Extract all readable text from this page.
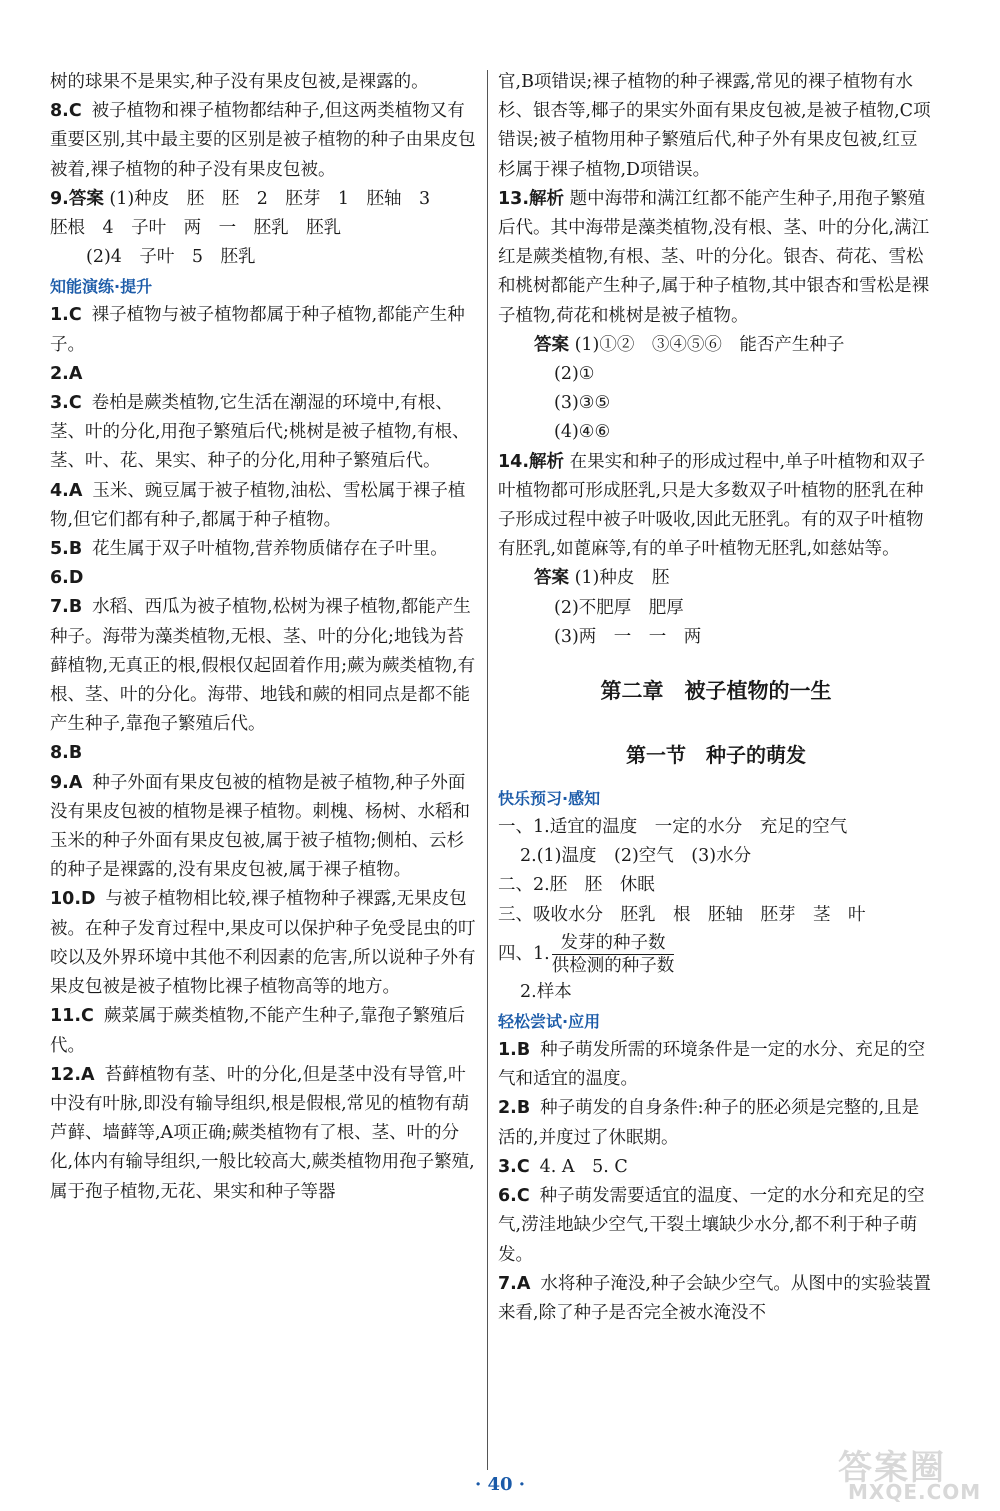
树的球果不是果实,种子没有果皮包被,是裸露的。

8.C 被子植物和裸子植物都结种子,但这两类植物又有重要区别,其中最主要的区别是被子植物的种子由果皮包被着,裸子植物的种子没有果皮包被。

9.答案 (1)种皮　胚　胚　2　胚芽　1　胚轴　3
胚根　4　子叶　两　一　胚乳　胚乳
(2)4　子叶　5　胚乳

知能演练·提升

1.C 裸子植物与被子植物都属于种子植物,都能产生种子。

2.A

3.C 卷柏是蕨类植物,它生活在潮湿的环境中,有根、茎、叶的分化,用孢子繁殖后代;桃树是被子植物,有根、茎、叶、花、果实、种子的分化,用种子繁殖后代。

4.A 玉米、豌豆属于被子植物,油松、雪松属于裸子植物,但它们都有种子,都属于种子植物。

5.B 花生属于双子叶植物,营养物质储存在子叶里。

6.D

7.B 水稻、西瓜为被子植物,松树为裸子植物,都能产生种子。海带为藻类植物,无根、茎、叶的分化;地钱为苔藓植物,无真正的根,假根仅起固着作用;蕨为蕨类植物,有根、茎、叶的分化。海带、地钱和蕨的相同点是都不能产生种子,靠孢子繁殖后代。

8.B

9.A 种子外面有果皮包被的植物是被子植物,种子外面没有果皮包被的植物是裸子植物。刺槐、杨树、水稻和玉米的种子外面有果皮包被,属于被子植物;侧柏、云杉的种子是裸露的,没有果皮包被,属于裸子植物。

10.D 与被子植物相比较,裸子植物种子裸露,无果皮包被。在种子发育过程中,果皮可以保护种子免受昆虫的叮咬以及外界环境中其他不利因素的危害,所以说种子外有果皮包被是被子植物比裸子植物高等的地方。

11.C 蕨菜属于蕨类植物,不能产生种子,靠孢子繁殖后代。

12.A 苔藓植物有茎、叶的分化,但是茎中没有导管,叶中没有叶脉,即没有输导组织,根是假根,常见的植物有葫芦藓、墙藓等,A项正确;蕨类植物有了根、茎、叶的分化,体内有输导组织,一般比较高大,蕨类植物用孢子繁殖,属于孢子植物,无花、果实和种子等器

官,B项错误;裸子植物的种子裸露,常见的裸子植物有水杉、银杏等,椰子的果实外面有果皮包被,是被子植物,C项错误;被子植物用种子繁殖后代,种子外有果皮包被,红豆杉属于裸子植物,D项错误。

13.解析 题中海带和满江红都不能产生种子,用孢子繁殖后代。其中海带是藻类植物,没有根、茎、叶的分化,满江红是蕨类植物,有根、茎、叶的分化。银杏、荷花、雪松和桃树都能产生种子,属于种子植物,其中银杏和雪松是裸子植物,荷花和桃树是被子植物。
答案 (1)①②　③④⑤⑥　能否产生种子
(2)①
(3)③⑤
(4)④⑥
14.解析 在果实和种子的形成过程中,单子叶植物和双子叶植物都可形成胚乳,只是大多数双子叶植物的胚乳在种子形成过程中被子叶吸收,因此无胚乳。有的双子叶植物有胚乳,如蓖麻等,有的单子叶植物无胚乳,如慈姑等。
答案 (1)种皮　胚
(2)不肥厚　肥厚
(3)两　一　一　两

第二章　被子植物的一生

第一节　种子的萌发

快乐预习·感知

一、1.适宜的温度　一定的水分　充足的空气

2.(1)温度　(2)空气　(3)水分

二、2.胚　胚　休眠

三、吸收水分　胚乳　根　胚轴　胚芽　茎　叶

四、1. $\frac{\text{发芽的种子数}}{\text{供检测的种子数}}$

2.样本

轻松尝试·应用

1.B 种子萌发所需的环境条件是一定的水分、充足的空气和适宜的温度。

2.B 种子萌发的自身条件:种子的胚必须是完整的,且是活的,并度过了休眠期。

3.C 4. A　5. C

6.C 种子萌发需要适宜的温度、一定的水分和充足的空气,涝洼地缺少空气,干裂土壤缺少水分,都不利于种子萌发。

7.A 水将种子淹没,种子会缺少空气。从图中的实验装置来看,除了种子是否完全被水淹没不

· 40 ·	答案圈
MXQE.COM
